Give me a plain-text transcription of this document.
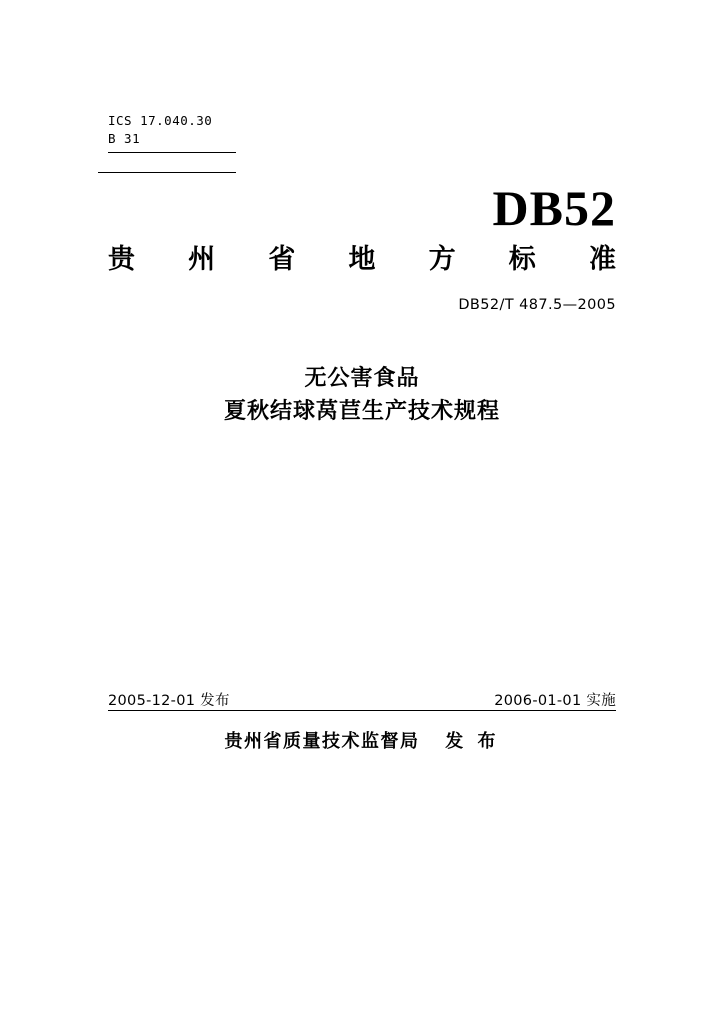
ICS 17.040.30
B 31
DB52
贵 州 省 地 方 标 准
DB52/T 487.5—2005
无公害食品
夏秋结球莴苣生产技术规程
2005-12-01 发布	2006-01-01 实施
贵州省质量技术监督局 发 布
